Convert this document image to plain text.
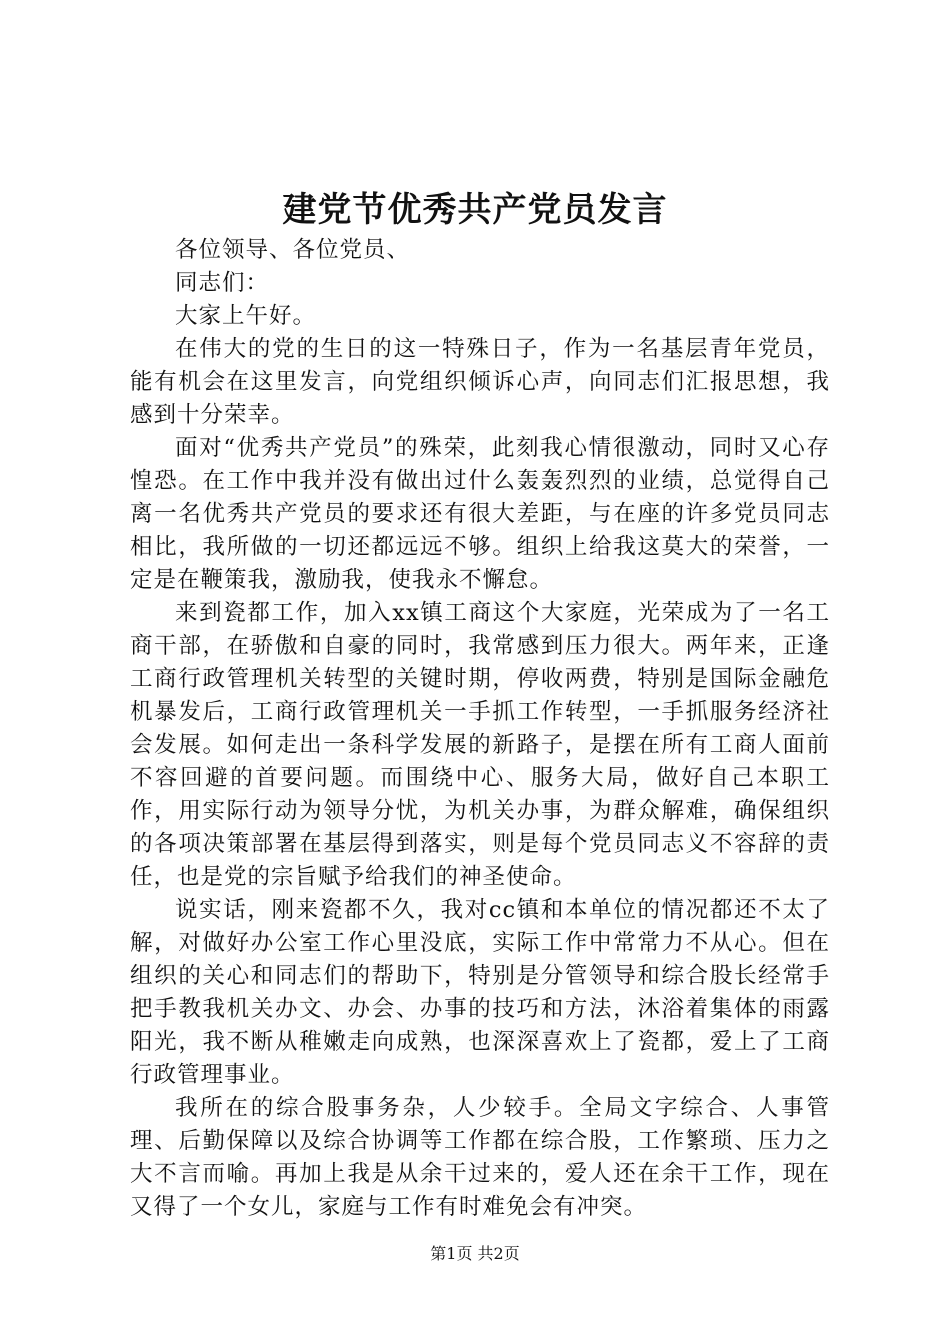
建党节优秀共产党员发言

各位领导、各位党员、

同志们：

大家上午好。

在伟大的党的生日的这一特殊日子，作为一名基层青年党员，能有机会在这里发言，向党组织倾诉心声，向同志们汇报思想，我感到十分荣幸。

面对“优秀共产党员”的殊荣，此刻我心情很激动，同时又心存惶恐。在工作中我并没有做出过什么轰轰烈烈的业绩，总觉得自己离一名优秀共产党员的要求还有很大差距，与在座的许多党员同志相比，我所做的一切还都远远不够。组织上给我这莫大的荣誉，一定是在鞭策我，激励我，使我永不懈怠。

来到瓷都工作，加入xx镇工商这个大家庭，光荣成为了一名工商干部，在骄傲和自豪的同时，我常感到压力很大。两年来，正逢工商行政管理机关转型的关键时期，停收两费，特别是国际金融危机暴发后，工商行政管理机关一手抓工作转型，一手抓服务经济社会发展。如何走出一条科学发展的新路子，是摆在所有工商人面前不容回避的首要问题。而围绕中心、服务大局，做好自己本职工作，用实际行动为领导分忧，为机关办事，为群众解难，确保组织的各项决策部署在基层得到落实，则是每个党员同志义不容辞的责任，也是党的宗旨赋予给我们的神圣使命。

说实话，刚来瓷都不久，我对cc镇和本单位的情况都还不太了解，对做好办公室工作心里没底，实际工作中常常力不从心。但在组织的关心和同志们的帮助下，特别是分管领导和综合股长经常手把手教我机关办文、办会、办事的技巧和方法，沐浴着集体的雨露阳光，我不断从稚嫩走向成熟，也深深喜欢上了瓷都，爱上了工商行政管理事业。

我所在的综合股事务杂，人少较手。全局文字综合、人事管理、后勤保障以及综合协调等工作都在综合股，工作繁琐、压力之大不言而喻。再加上我是从余干过来的，爱人还在余干工作，现在又得了一个女儿，家庭与工作有时难免会有冲突。

第1页 共2页
